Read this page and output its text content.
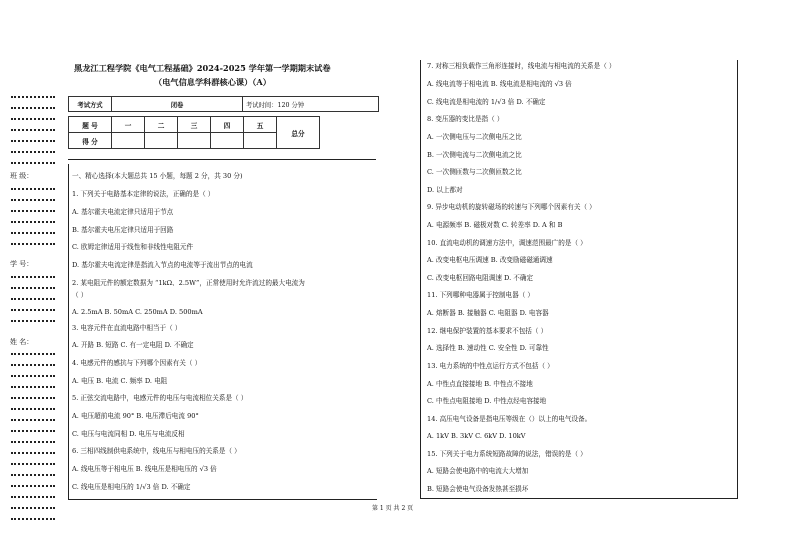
班 级：
学 号：
姓 名：
黑龙江工程学院《电气工程基础》2024-2025 学年第一学期期末试卷
（电气信息学科群核心课）（A）
考试方式	闭卷	考试时间：120 分钟
题 号	一	二	三	四	五	总分
得 分						
一、精心选择(本大题总共 15 小题，每题 2 分，共 30 分)
1. 下列关于电路基本定律的说法，正确的是（ ）
A. 基尔霍夫电流定律只适用于节点
B. 基尔霍夫电压定律只适用于回路
C. 欧姆定律适用于线性和非线性电阻元件
D. 基尔霍夫电流定律是指流入节点的电流等于流出节点的电流
2. 某电阻元件的额定数据为 “1kΩ、2.5W”，正常使用时允许流过的最大电流为
（ ）
A. 2.5mA B. 50mA C. 250mA D. 500mA
3. 电容元件在直流电路中相当于（ ）
A. 开路 B. 短路 C. 有一定电阻 D. 不确定
4. 电感元件的感抗与下列哪个因素有关（ ）
A. 电压 B. 电流 C. 频率 D. 电阻
5. 正弦交流电路中，电感元件的电压与电流相位关系是（ ）
A. 电压超前电流 90° B. 电压滞后电流 90°
C. 电压与电流同相 D. 电压与电流反相
6. 三相四线制供电系统中，线电压与相电压的关系是（ ）
A. 线电压等于相电压 B. 线电压是相电压的 √3 倍
C. 线电压是相电压的 1/√3 倍 D. 不确定
7. 对称三相负载作三角形连接时，线电流与相电流的关系是（ ）
A. 线电流等于相电流 B. 线电流是相电流的 √3 倍
C. 线电流是相电流的 1/√3 倍 D. 不确定
8. 变压器的变比是指（ ）
A. 一次侧电压与二次侧电压之比
B. 一次侧电流与二次侧电流之比
C. 一次侧匝数与二次侧匝数之比
D. 以上都对
9. 异步电动机的旋转磁场的转速与下列哪个因素有关（ ）
A. 电源频率 B. 磁极对数 C. 转差率 D. A 和 B
10. 直流电动机的调速方法中，调速范围最广的是（ ）
A. 改变电枢电压调速 B. 改变励磁磁通调速
C. 改变电枢回路电阻调速 D. 不确定
11. 下列哪种电器属于控制电器（ ）
A. 熔断器 B. 接触器 C. 电阻器 D. 电容器
12. 继电保护装置的基本要求不包括（ ）
A. 选择性 B. 速动性 C. 安全性 D. 可靠性
13. 电力系统的中性点运行方式不包括（ ）
A. 中性点直接接地 B. 中性点不接地
C. 中性点电阻接地 D. 中性点经电容接地
14. 高压电气设备是指电压等级在（）以上的电气设备。
A. 1kV B. 3kV C. 6kV D. 10kV
15. 下列关于电力系统短路故障的说法，错误的是（ ）
A. 短路会使电路中的电流大大增加
B. 短路会使电气设备发热甚至损坏
第 1 页 共 2 页
